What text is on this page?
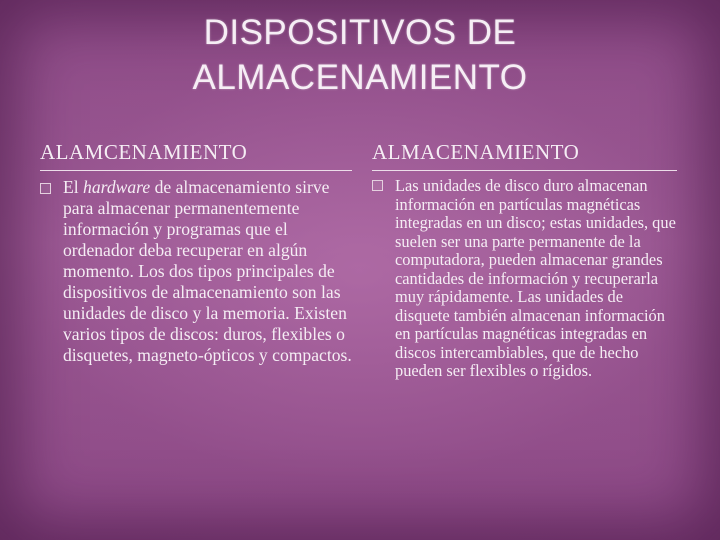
DISPOSITIVOS DE
ALMACENAMIENTO
ALAMCENAMIENTO

El hardware de almacenamiento sirve para almacenar permanentemente información y programas que el ordenador deba recuperar en algún momento. Los dos tipos principales de dispositivos de almacenamiento son las unidades de disco y la memoria. Existen varios tipos de discos: duros, flexibles o disquetes, magneto-ópticos y compactos.

ALMACENAMIENTO

Las unidades de disco duro almacenan información en partículas magnéticas integradas en un disco; estas unidades, que suelen ser una parte permanente de la computadora, pueden almacenar grandes cantidades de información y recuperarla muy rápidamente. Las unidades de disquete también almacenan información en partículas magnéticas integradas en discos intercambiables, que de hecho pueden ser flexibles o rígidos.
